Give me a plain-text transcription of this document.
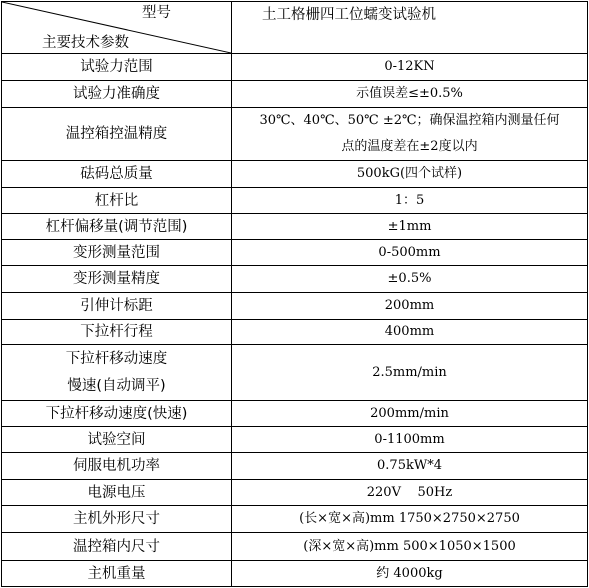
型号
主要技术参数	土工格栅四工位蠕变试验机
试验力范围	0-12KN
试验力准确度	示值误差≤±0.5%
温控箱控温精度	30℃、40℃、50℃ ±2℃；确保温控箱内测量任何
点的温度差在±2度以内

砝码总质量	500kG(四个试样)
杠杆比	1：5
杠杆偏移量(调节范围)	±1mm
变形测量范围	0-500mm
变形测量精度	±0.5%
引伸计标距	200mm
下拉杆行程	400mm

下拉杆移动速度
慢速(自动调平)	2.5mm/min
下拉杆移动速度(快速)	200mm/min
试验空间	0-1100mm
伺服电机功率	0.75kW*4
电源电压	220V    50Hz
主机外形尺寸	(长×宽×高)mm 1750×2750×2750
温控箱内尺寸	(深×宽×高)mm 500×1050×1500
主机重量	约 4000kg
